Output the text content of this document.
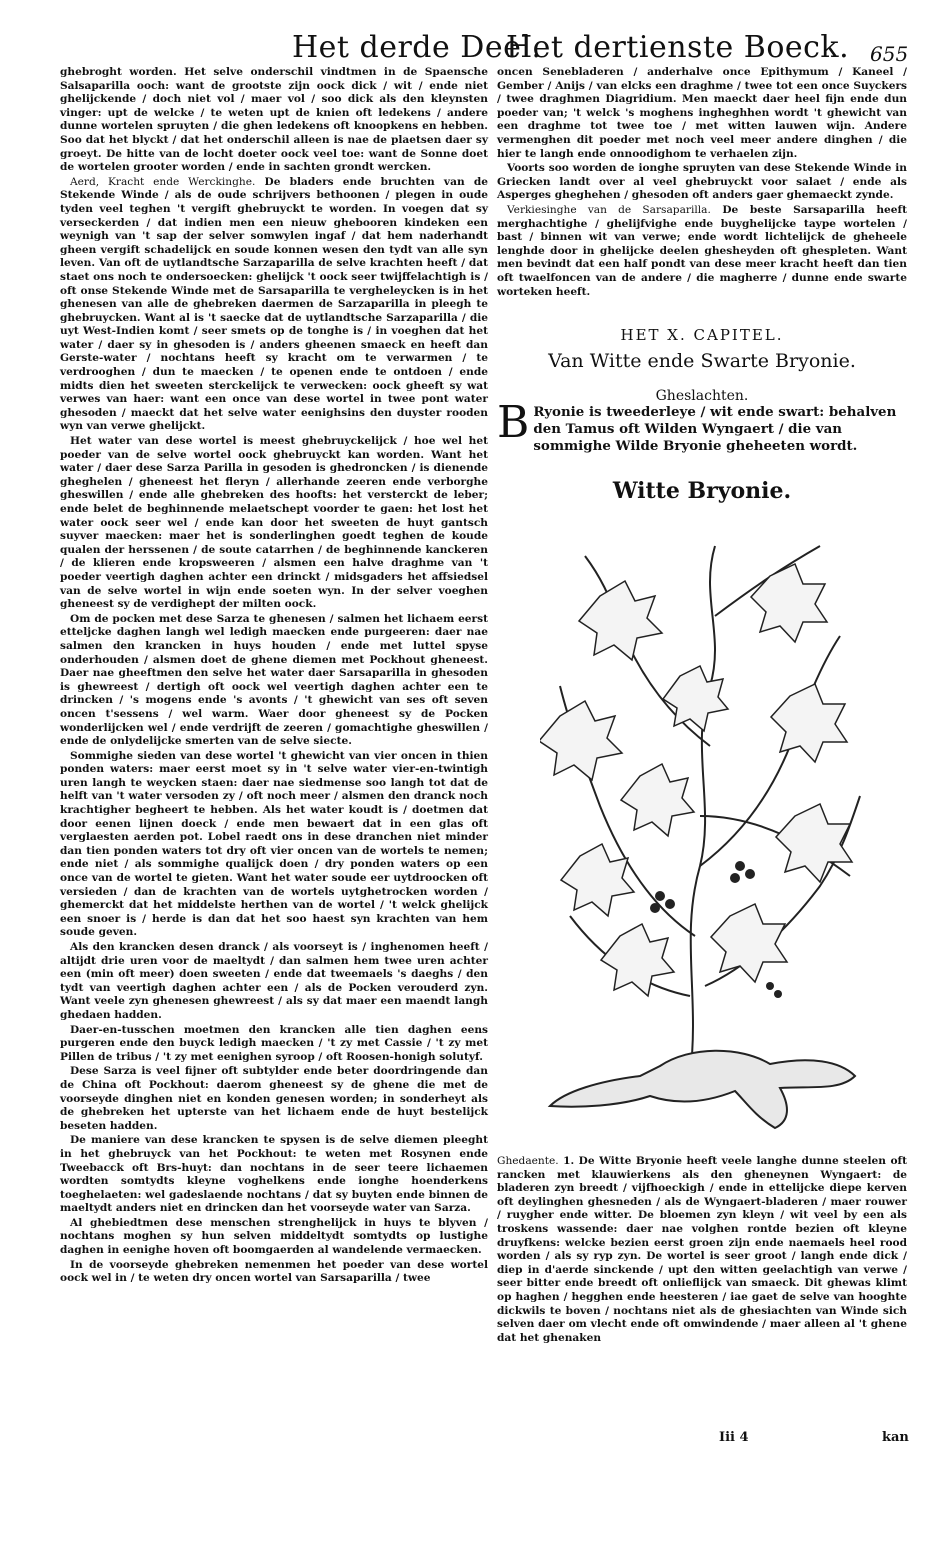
Het derde Deel.
Het dertienste Boeck. 655

ghebroght worden. Het selve onderschil vindtmen in de Spaensche Salsaparilla ooch: want de grootste zijn oock dick / wit / ende niet ghelijckende / doch niet vol / maer vol / soo dick als den kleynsten vinger: upt de welcke / te weten upt de knien oft ledekens / andere dunne wortelen spruyten / die ghen ledekens oft knoopkens en hebben. Soo dat het blyckt / dat het onderschil alleen is nae de plaetsen daer sy groeyt. De hitte van de locht doeter oock veel toe: want de Sonne doet de wortelen grooter worden / ende in sachten grondt wercken.

Aerd, Kracht ende Werckinghe. De bladers ende bruchten van de Stekende Winde / als de oude schrijvers bethoonen / plegen in oude tyden veel teghen 't vergift ghebruyckt te worden. In voegen dat sy verseckerden / dat indien men een nieuw ghebooren kindeken een weynigh van 't sap der selver somwylen ingaf / dat hem naderhandt gheen vergift schadelijck en soude konnen wesen den tydt van alle syn leven. Van oft de uytlandtsche Sarzaparilla de selve krachten heeft / dat staet ons noch te ondersoecken: ghelijck 't oock seer twijffelachtigh is / oft onse Stekende Winde met de Sarsaparilla te vergheleycken is in het ghenesen van alle de ghebreken daermen de Sarzaparilla in pleegh te ghebruycken. Want al is 't saecke dat de uytlandtsche Sarzaparilla / die uyt West-Indien komt / seer smets op de tonghe is / in voeghen dat het water / daer sy in ghesoden is / anders gheenen smaeck en heeft dan Gerste-water / nochtans heeft sy kracht om te verwarmen / te verdrooghen / dun te maecken / te openen ende te ontdoen / ende midts dien het sweeten sterckelijck te verwecken: oock gheeft sy wat verwes van haer: want een once van dese wortel in twee pont water ghesoden / maeckt dat het selve water eenighsins den duyster rooden wyn van verwe ghelijckt.

Het water van dese wortel is meest ghebruyckelijck / hoe wel het poeder van de selve wortel oock ghebruyckt kan worden. Want het water / daer dese Sarza Parilla in gesoden is ghedroncken / is dienende gheghelen / gheneest het fleryn / allerhande zeeren ende verborghe gheswillen / ende alle ghebreken des hoofts: het versterckt de leber; ende belet de beghinnende melaetschept voorder te gaen: het lost het water oock seer wel / ende kan door het sweeten de huyt gantsch suyver maecken: maer het is sonderlinghen goedt teghen de koude qualen der herssenen / de soute catarrhen / de beghinnende kanckeren / de klieren ende kropsweeren / alsmen een halve draghme van 't poeder veertigh daghen achter een drinckt / midsgaders het affsiedsel van de selve wortel in wijn ende soeten wyn. In der selver voeghen gheneest sy de verdighept der milten oock.

Om de pocken met dese Sarza te ghenesen / salmen het lichaem eerst etteljcke daghen langh wel ledigh maecken ende purgeeren: daer nae salmen den krancken in huys houden / ende met luttel spyse onderhouden / alsmen doet de ghene diemen met Pockhout gheneest. Daer nae gheeftmen den selve het water daer Sarsaparilla in ghesoden is ghewreest / dertigh oft oock wel veertigh daghen achter een te drincken / 's mogens ende 's avonts / 't ghewicht van ses oft seven oncen t'sessens / wel warm. Waer door gheneest sy de Pocken wonderlijcken wel / ende verdrijft de zeeren / gomachtighe gheswillen / ende de onlydelijcke smerten van de selve siecte.

Sommighe sieden van dese wortel 't ghewicht van vier oncen in thien ponden waters: maer eerst moet sy in 't selve water vier-en-twintigh uren langh te weycken staen: daer nae siedmense soo langh tot dat de helft van 't water versoden zy / oft noch meer / alsmen den dranck noch krachtigher begheert te hebben. Als het water koudt is / doetmen dat door eenen lijnen doeck / ende men bewaert dat in een glas oft verglaesten aerden pot. Lobel raedt ons in dese dranchen niet minder dan tien ponden waters tot dry oft vier oncen van de wortels te nemen; ende niet / als sommighe qualijck doen / dry ponden waters op een once van de wortel te gieten. Want het water soude eer uytdroocken oft versieden / dan de krachten van de wortels uytghetrocken worden / ghemerckt dat het middelste herthen van de wortel / 't welck ghelijck een snoer is / herde is dan dat het soo haest syn krachten van hem soude geven.

Als den krancken desen dranck / als voorseyt is / inghenomen heeft / altijdt drie uren voor de maeltydt / dan salmen hem twee uren achter een (min oft meer) doen sweeten / ende dat tweemaels 's daeghs / den tydt van veertigh daghen achter een / als de Pocken verouderd zyn. Want veele zyn ghenesen ghewreest / als sy dat maer een maendt langh ghedaen hadden.

Daer-en-tusschen moetmen den krancken alle tien daghen eens purgeren ende den buyck ledigh maecken / 't zy met Cassie / 't zy met Pillen de tribus / 't zy met eenighen syroop / oft Roosen-honigh solutyf.

Dese Sarza is veel fijner oft subtylder ende beter doordringende dan de China oft Pockhout: daerom gheneest sy de ghene die met de voorseyde dinghen niet en konden genesen worden; in sonderheyt als de ghebreken het upterste van het lichaem ende de huyt bestelijck beseten hadden.

De maniere van dese krancken te spysen is de selve diemen pleeght in het ghebruyck van het Pockhout: te weten met Rosynen ende Tweebacck oft Brs-huyt: dan nochtans in de seer teere lichaemen wordten somtydts kleyne voghelkens ende ionghe hoenderkens toeghelaeten: wel gadeslaende nochtans / dat sy buyten ende binnen de maeltydt anders niet en drincken dan het voorseyde water van Sarza.

Al ghebiedtmen dese menschen strenghelijck in huys te blyven / nochtans moghen sy hun selven middeltydt somtydts op lustighe daghen in eenighe hoven oft boomgaerden al wandelende vermaecken.

In de voorseyde ghebreken nemenmen het poeder van dese wortel oock wel in / te weten dry oncen wortel van Sarsaparilla / twee

oncen Senebladeren / anderhalve once Epithymum / Kaneel / Gember / Anijs / van elcks een draghme / twee tot een once Suyckers / twee draghmen Diagridium. Men maeckt daer heel fijn ende dun poeder van; 't welck 's moghens ingheghhen wordt 't ghewicht van een draghme tot twee toe / met witten lauwen wijn. Andere vermenghen dit poeder met noch veel meer andere dinghen / die hier te langh ende onnoodighom te verhaelen zijn.

Voorts soo worden de ionghe spruyten van dese Stekende Winde in Griecken landt over al veel ghebruyckt voor salaet / ende als Asperges gheghehen / ghesoden oft anders gaer ghemaeckt zynde.

Verkiesinghe van de Sarsaparilla. De beste Sarsaparilla heeft merghachtighe / ghelijfvighe ende buyghelijcke taype wortelen / bast / binnen wit van verwe; ende wordt lichtelijck de gheheele lenghde door in ghelijcke deelen ghesheyden oft ghespleten. Want men bevindt dat een half pondt van dese meer kracht heeft dan tien oft twaelfoncen van de andere / die magherre / dunne ende swarte worteken heeft.

HET X. CAPITEL.
Van Witte ende Swarte Bryonie.
Gheslachten.
B Ryonie is tweederleye / wit ende swart: behalven den Tamus oft Wilden Wyngaert / die van sommighe Wilde Bryonie gheheeten wordt.
Witte Bryonie.

Ghedaente. 1. De Witte Bryonie heeft veele langhe dunne steelen oft rancken met klauwierkens als den gheneynen Wyngaert: de bladeren zyn breedt / vijfhoeckigh / ende in ettelijcke diepe kerven oft deylinghen ghesneden / als de Wyngaert-bladeren / maer rouwer / ruygher ende witter. De bloemen zyn kleyn / wit veel by een als troskens wassende: daer nae volghen rontde bezien oft kleyne druyfkens: welcke bezien eerst groen zijn ende naemaels heel rood worden / als sy ryp zyn. De wortel is seer groot / langh ende dick / diep in d'aerde sinckende / upt den witten geelachtigh van verwe / seer bitter ende breedt oft onlieflijck van smaeck. Dit ghewas klimt op haghen / hegghen ende heesteren / iae gaet de selve van hooghte dickwils te boven / nochtans niet als de ghesiachten van Winde sich selven daer om vlecht ende oft omwindende / maer alleen al 't ghene dat het ghenaken

Iii 4	kan
